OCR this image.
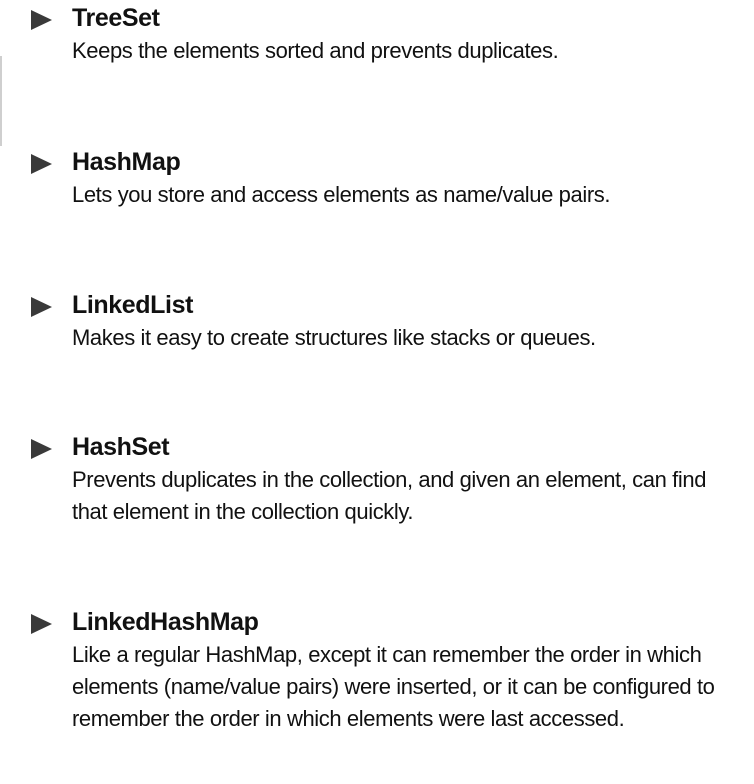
TreeSet
Keeps the elements sorted and prevents duplicates.
HashMap
Lets you store and access elements as name/value pairs.
LinkedList
Makes it easy to create structures like stacks or queues.
HashSet
Prevents duplicates in the collection, and given an element, can find that element in the collection quickly.
LinkedHashMap
Like a regular HashMap, except it can remember the order in which elements (name/value pairs) were inserted, or it can be configured to remember the order in which elements were last accessed.
